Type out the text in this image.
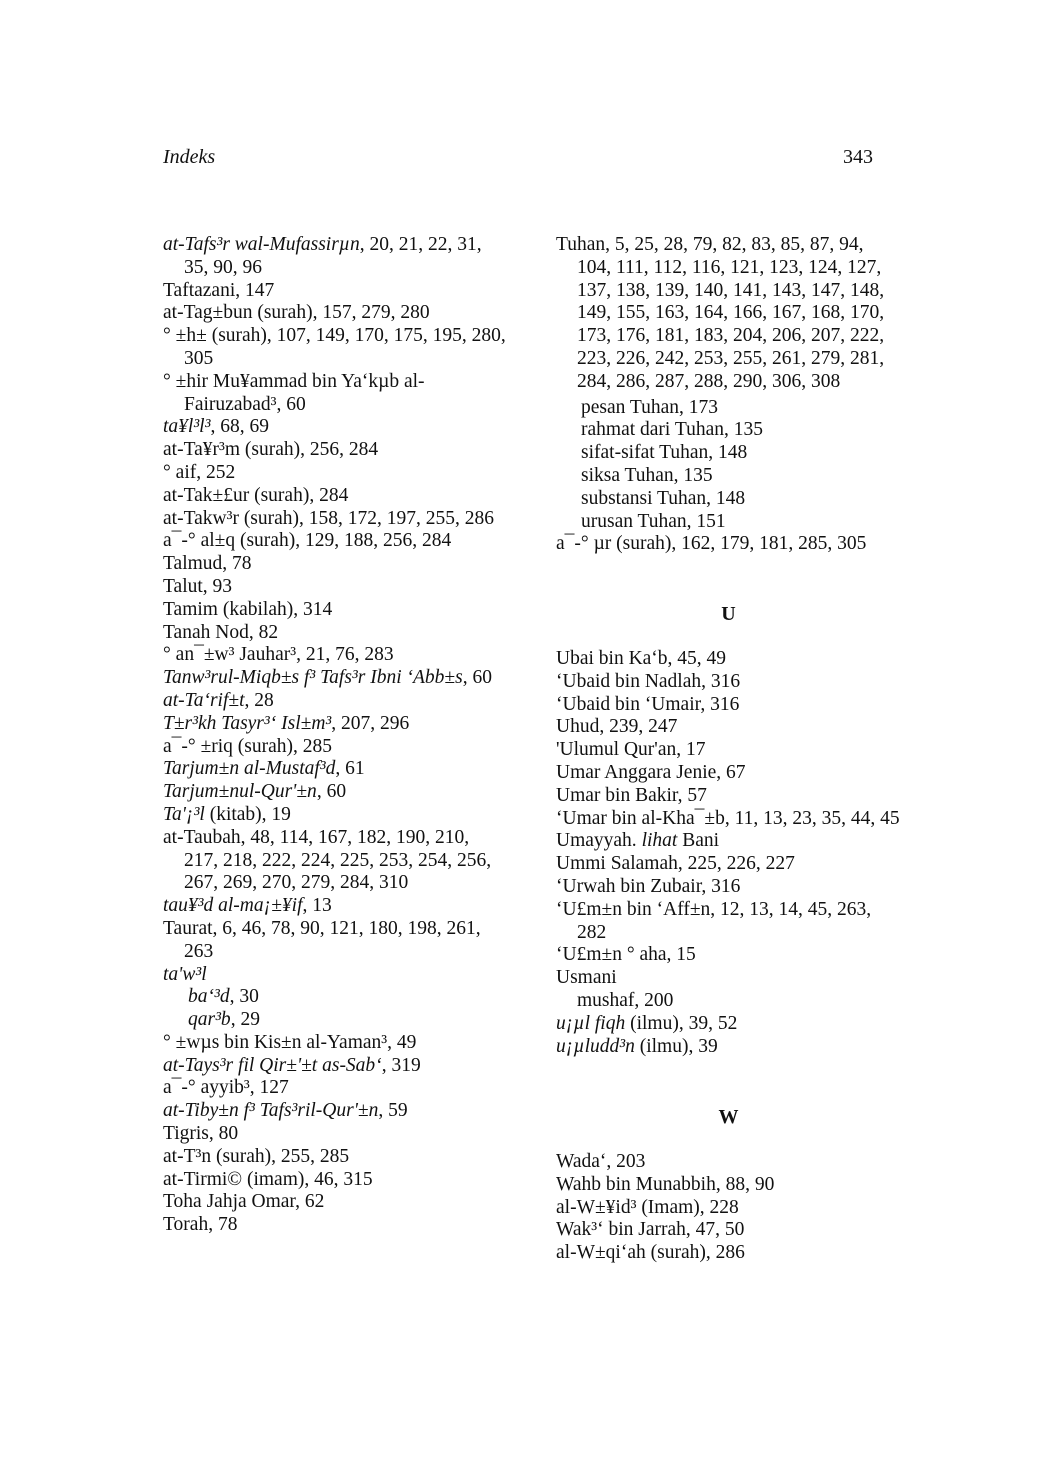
Indeks	343

at-Tafs³r wal-Mufassirµn, 20, 21, 22, 31, 35, 90, 96

Taftazani, 147

at-Tag±bun (surah), 157, 279, 280

° ±h± (surah), 107, 149, 170, 175, 195, 280, 305

° ±hir Mu¥ammad bin Ya‘kµb al-Fairuzabad³, 60

ta¥l³l³, 68, 69

at-Ta¥r³m (surah), 256, 284

° aif, 252

at-Tak±£ur (surah), 284

at-Takw³r (surah), 158, 172, 197, 255, 286

a¯-° al±q (surah), 129, 188, 256, 284

Talmud, 78

Talut, 93

Tamim (kabilah), 314

Tanah Nod, 82

° an¯±w³ Jauhar³, 21, 76, 283

Tanw³rul-Miqb±s f³ Tafs³r Ibni ‘Abb±s, 60

at-Ta‘rif±t, 28

T±r³kh Tasyr³‘ Isl±m³, 207, 296

a¯-° ±riq (surah), 285

Tarjum±n al-Mustaf³d, 61

Tarjum±nul-Qur'±n, 60

Ta'¡³l (kitab), 19

at-Taubah, 48, 114, 167, 182, 190, 210, 217, 218, 222, 224, 225, 253, 254, 256, 267, 269, 270, 279, 284, 310

tau¥³d al-ma¡±¥if, 13

Taurat, 6, 46, 78, 90, 121, 180, 198, 261, 263

ta'w³l

ba‘³d, 30

qar³b, 29

° ±wµs bin Kis±n al-Yaman³, 49

at-Tays³r fil Qir±'±t as-Sab‘, 319

a¯-° ayyib³, 127

at-Tiby±n f³ Tafs³ril-Qur'±n, 59

Tigris, 80

at-T³n (surah), 255, 285

at-Tirmi© (imam), 46, 315

Toha Jahja Omar, 62

Torah, 78

Tuhan, 5, 25, 28, 79, 82, 83, 85, 87, 94, 104, 111, 112, 116, 121, 123, 124, 127, 137, 138, 139, 140, 141, 143, 147, 148, 149, 155, 163, 164, 166, 167, 168, 170, 173, 176, 181, 183, 204, 206, 207, 222, 223, 226, 242, 253, 255, 261, 279, 281, 284, 286, 287, 288, 290, 306, 308

pesan Tuhan, 173

rahmat dari Tuhan, 135

sifat-sifat Tuhan, 148

siksa Tuhan, 135

substansi Tuhan, 148

urusan Tuhan, 151

a¯-° µr (surah), 162, 179, 181, 285, 305

U

Ubai bin Ka‘b, 45, 49

‘Ubaid bin Nadlah, 316

‘Ubaid bin ‘Umair, 316

Uhud, 239, 247

'Ulumul Qur'an, 17

Umar Anggara Jenie, 67

Umar bin Bakir, 57

‘Umar bin al-Kha¯±b, 11, 13, 23, 35, 44, 45

Umayyah. lihat Bani

Ummi Salamah, 225, 226, 227

‘Urwah bin Zubair, 316

‘U£m±n bin ‘Aff±n, 12, 13, 14, 45, 263, 282

‘U£m±n ° aha, 15

Usmani

mushaf, 200

u¡µl fiqh (ilmu), 39, 52

u¡µludd³n (ilmu), 39

W

Wada‘, 203

Wahb bin Munabbih, 88, 90

al-W±¥id³ (Imam), 228

Wak³‘ bin Jarrah, 47, 50

al-W±qi‘ah (surah), 286
